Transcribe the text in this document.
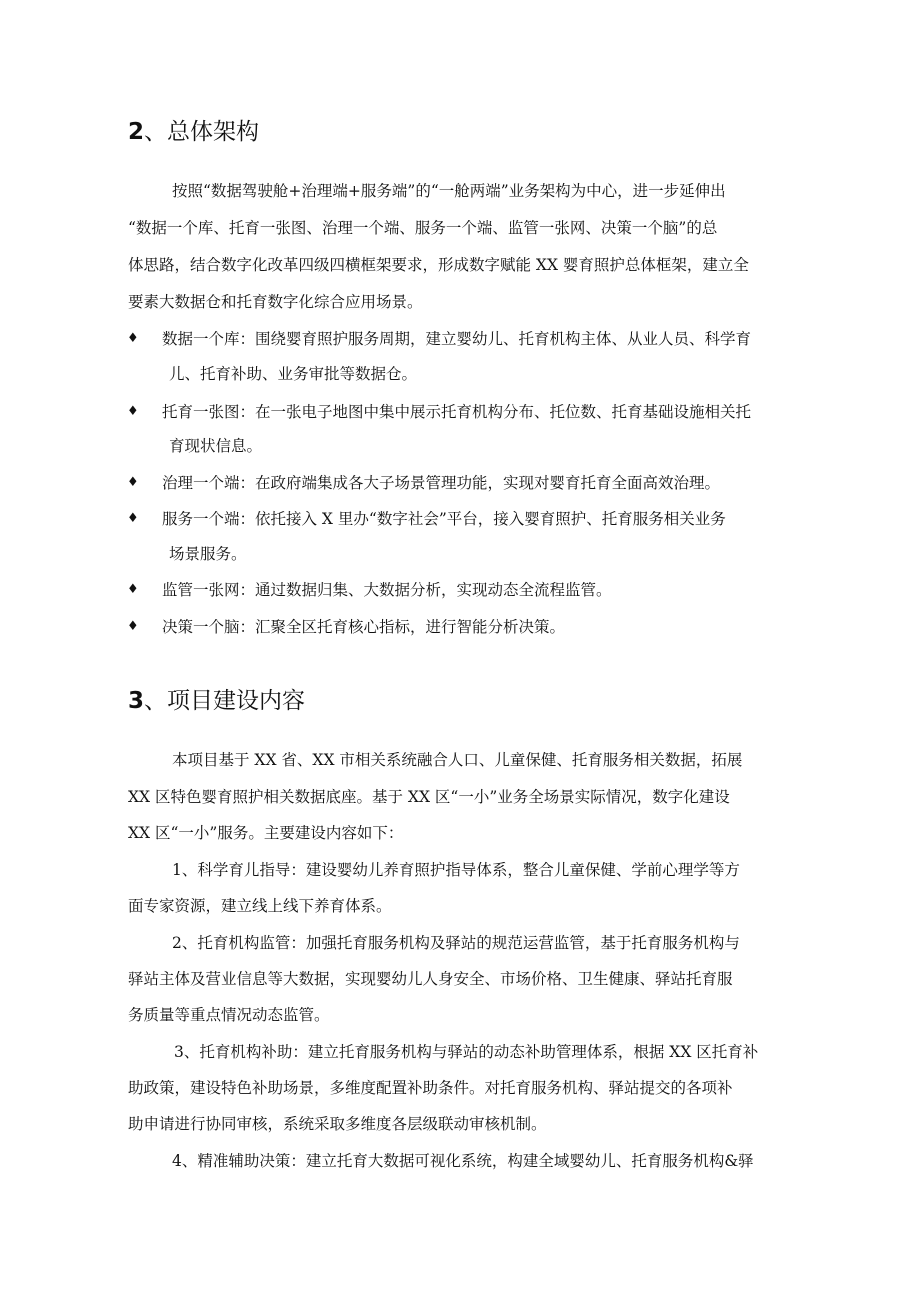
2、总体架构
按照“数据驾驶舱+治理端+服务端”的“一舱两端”业务架构为中心，进一步延伸出
“数据一个库、托育一张图、治理一个端、服务一个端、监管一张网、决策一个脑”的总
体思路，结合数字化改革四级四横框架要求，形成数字赋能 XX 婴育照护总体框架，建立全
要素大数据仓和托育数字化综合应用场景。
♦ 数据一个库：围绕婴育照护服务周期，建立婴幼儿、托育机构主体、从业人员、科学育
儿、托育补助、业务审批等数据仓。
♦ 托育一张图：在一张电子地图中集中展示托育机构分布、托位数、托育基础设施相关托
育现状信息。
♦ 治理一个端：在政府端集成各大子场景管理功能，实现对婴育托育全面高效治理。
♦ 服务一个端：依托接入 X 里办“数字社会”平台，接入婴育照护、托育服务相关业务
场景服务。
♦ 监管一张网：通过数据归集、大数据分析，实现动态全流程监管。
♦ 决策一个脑：汇聚全区托育核心指标，进行智能分析决策。
3、项目建设内容
本项目基于 XX 省、XX 市相关系统融合人口、儿童保健、托育服务相关数据，拓展
XX 区特色婴育照护相关数据底座。基于 XX 区“一小”业务全场景实际情况，数字化建设
XX 区“一小”服务。主要建设内容如下：
1、科学育儿指导：建设婴幼儿养育照护指导体系，整合儿童保健、学前心理学等方
面专家资源，建立线上线下养育体系。
2、托育机构监管：加强托育服务机构及驿站的规范运营监管，基于托育服务机构与
驿站主体及营业信息等大数据，实现婴幼儿人身安全、市场价格、卫生健康、驿站托育服
务质量等重点情况动态监管。
3、托育机构补助：建立托育服务机构与驿站的动态补助管理体系，根据 XX 区托育补
助政策，建设特色补助场景，多维度配置补助条件。对托育服务机构、驿站提交的各项补
助申请进行协同审核，系统采取多维度各层级联动审核机制。
4、精准辅助决策：建立托育大数据可视化系统，构建全域婴幼儿、托育服务机构&驿
